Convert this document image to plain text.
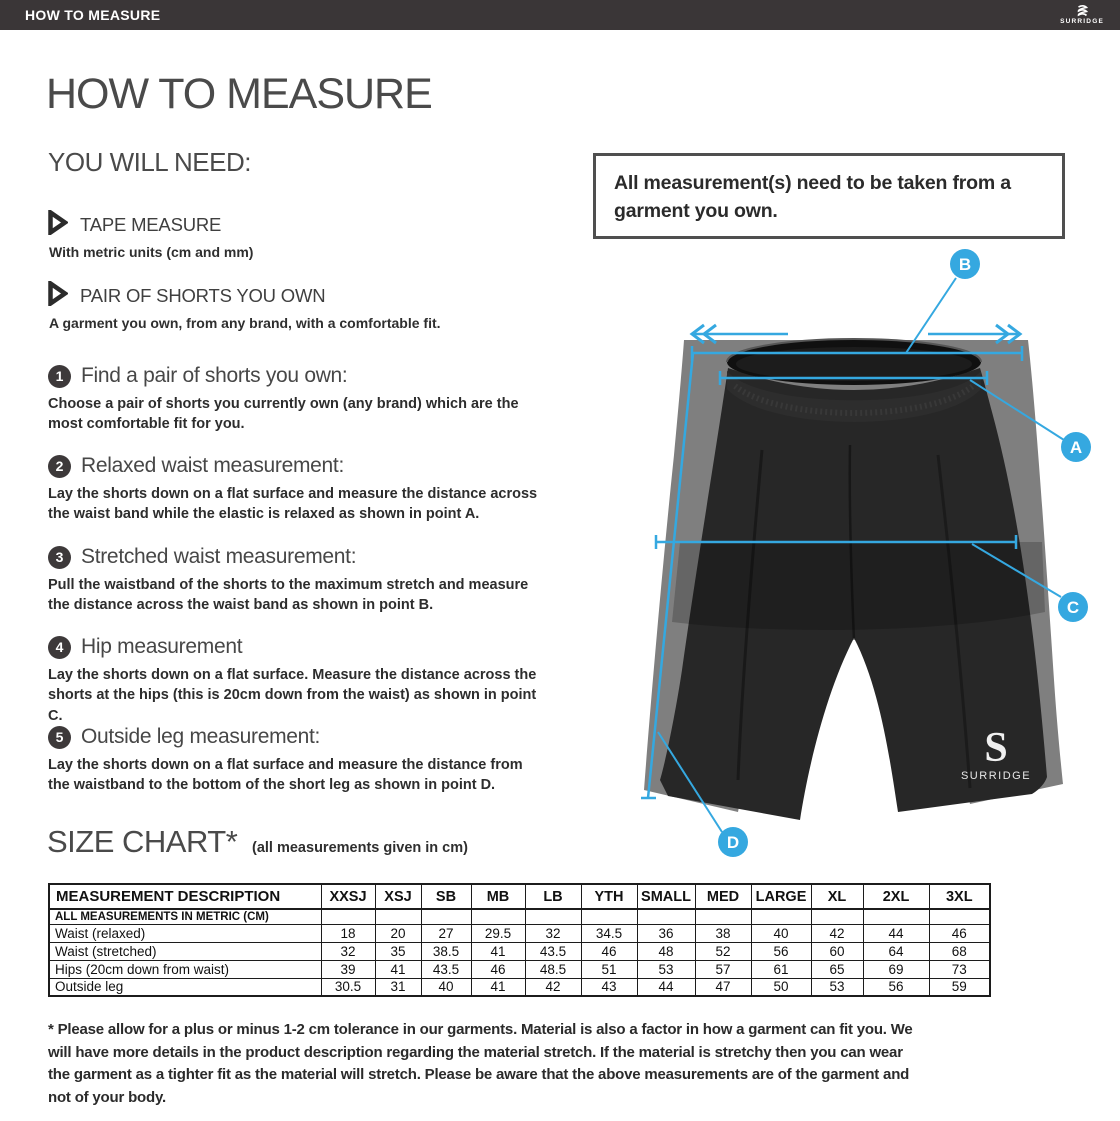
HOW TO MEASURE	SURRIDGE
HOW TO MEASURE
YOU WILL NEED:
TAPE MEASURE
With metric units (cm and mm)
PAIR OF SHORTS YOU OWN
A garment you own, from any brand, with a comfortable fit.
1 Find a pair of shorts you own:

Choose a pair of shorts you currently own (any brand) which are the most comfortable fit for you.

2 Relaxed waist measurement:

Lay the shorts down on a flat surface and measure the distance across the waist band while the elastic is relaxed as shown in point A.

3 Stretched waist measurement:

Pull the waistband of the shorts to the maximum stretch and measure the distance across the waist band as shown in point B.

4 Hip measurement

Lay the shorts down on a flat surface. Measure the distance across the shorts at the hips (this is 20cm down from the waist) as shown in point C.

5 Outside leg measurement:

Lay the shorts down on a flat surface and measure the distance from the waistband to the bottom of the short leg as shown in point D.

All measurement(s) need to be taken from a garment you own.

S
SURRIDGE
B
A
C
D
SIZE CHART* (all measurements given in cm)
MEASUREMENT DESCRIPTION	XXSJ	XSJ	SB	MB	LB	YTH	SMALL	MED	LARGE	XL	2XL	3XL
ALL MEASUREMENTS IN METRIC (CM)												
Waist (relaxed)	18	20	27	29.5	32	34.5	36	38	40	42	44	46
Waist (stretched)	32	35	38.5	41	43.5	46	48	52	56	60	64	68
Hips (20cm down from waist)	39	41	43.5	46	48.5	51	53	57	61	65	69	73
Outside leg	30.5	31	40	41	42	43	44	47	50	53	56	59

* Please allow for a plus or minus 1-2 cm tolerance in our garments. Material is also a factor in how a garment can fit you. We will have more details in the product description regarding the material stretch. If the material is stretchy then you can wear the garment as a tighter fit as the material will stretch. Please be aware that the above measurements are of the garment and not of your body.
